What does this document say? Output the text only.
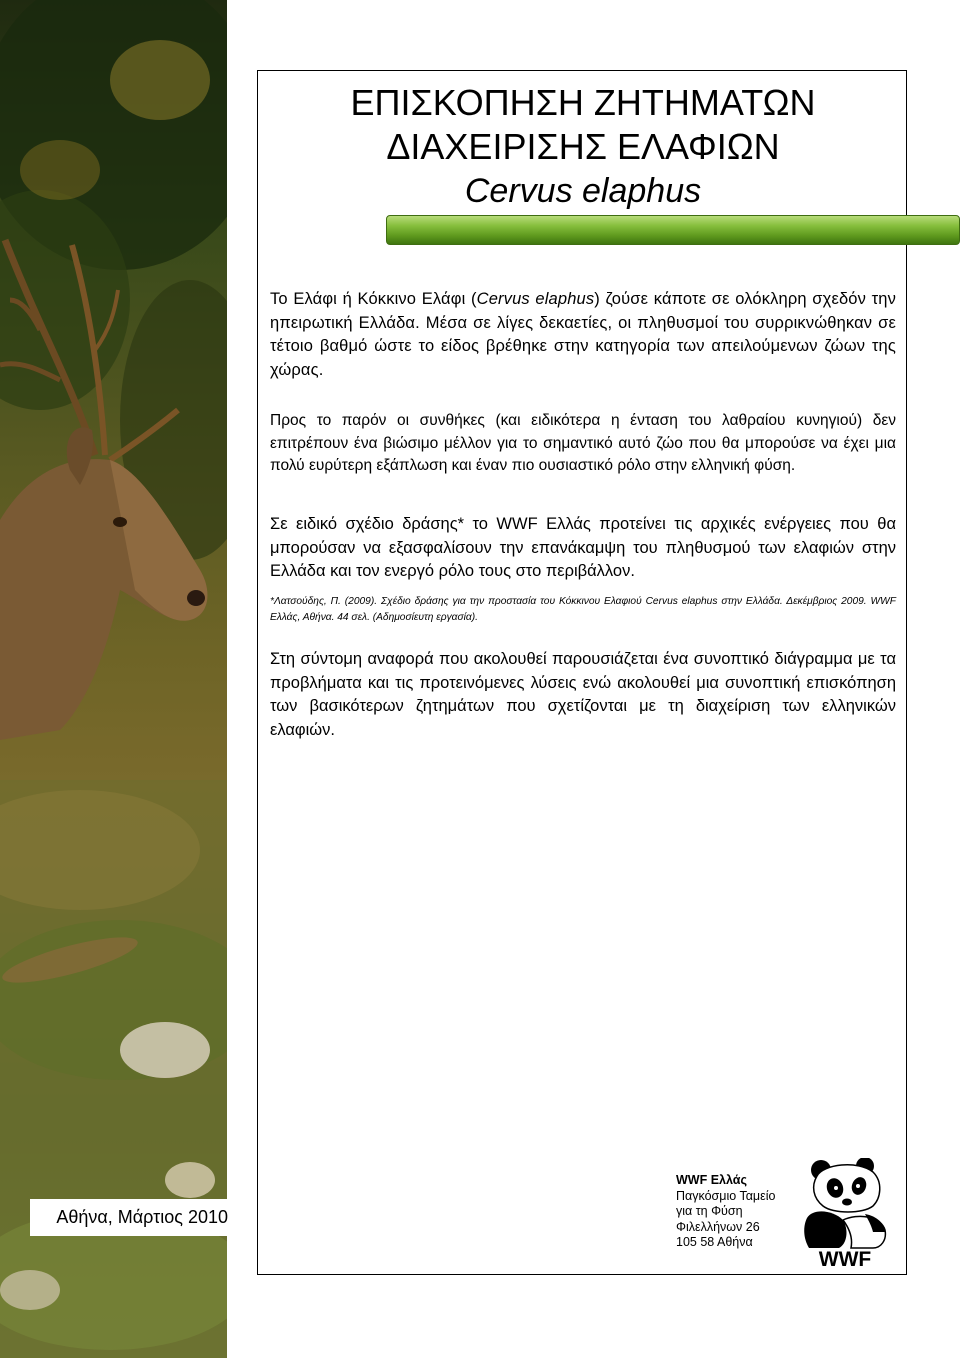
Αθήνα, Μάρτιος 2010
ΕΠΙΣΚΟΠΗΣΗ ΖΗΤΗΜΑΤΩΝ
ΔΙΑΧΕΙΡΙΣΗΣ ΕΛΑΦΙΩΝ
Cervus elaphus
Το Ελάφι ή Κόκκινο Ελάφι (Cervus elaphus) ζούσε κάποτε σε ολόκληρη σχεδόν την ηπειρωτική Ελλάδα. Μέσα σε λίγες δεκαετίες, οι πληθυσμοί του συρρικνώθηκαν σε τέτοιο βαθμό ώστε το είδος βρέθηκε στην κατηγορία των απειλούμενων ζώων της χώρας.
Προς το παρόν οι συνθήκες (και ειδικότερα η ένταση του λαθραίου κυνηγιού) δεν επιτρέπουν ένα βιώσιμο μέλλον για το σημαντικό αυτό ζώο που θα μπορούσε να έχει μια πολύ ευρύτερη εξάπλωση και έναν πιο ουσιαστικό ρόλο στην ελληνική φύση.
Σε ειδικό σχέδιο δράσης* το WWF Ελλάς προτείνει τις αρχικές ενέργειες που θα μπορούσαν να εξασφαλίσουν την επανάκαμψη του πληθυσμού των ελαφιών στην Ελλάδα και τον ενεργό ρόλο τους στο περιβάλλον.
*Λατσούδης, Π. (2009). Σχέδιο δράσης για την προστασία του Κόκκινου Ελαφιού Cervus elaphus στην Ελλάδα. Δεκέμβριος 2009. WWF Ελλάς, Αθήνα. 44 σελ. (Αδημοσίευτη εργασία).
Στη σύντομη αναφορά που ακολουθεί παρουσιάζεται ένα συνοπτικό διάγραμμα με τα προβλήματα και τις προτεινόμενες λύσεις ενώ ακολουθεί μια συνοπτική επισκόπηση των βασικότερων ζητημάτων που σχετίζονται με τη διαχείριση των ελληνικών ελαφιών.
WWF Ελλάς
Παγκόσμιο Ταμείο
για τη Φύση
Φιλελλήνων 26
105 58 Αθήνα
WWF
